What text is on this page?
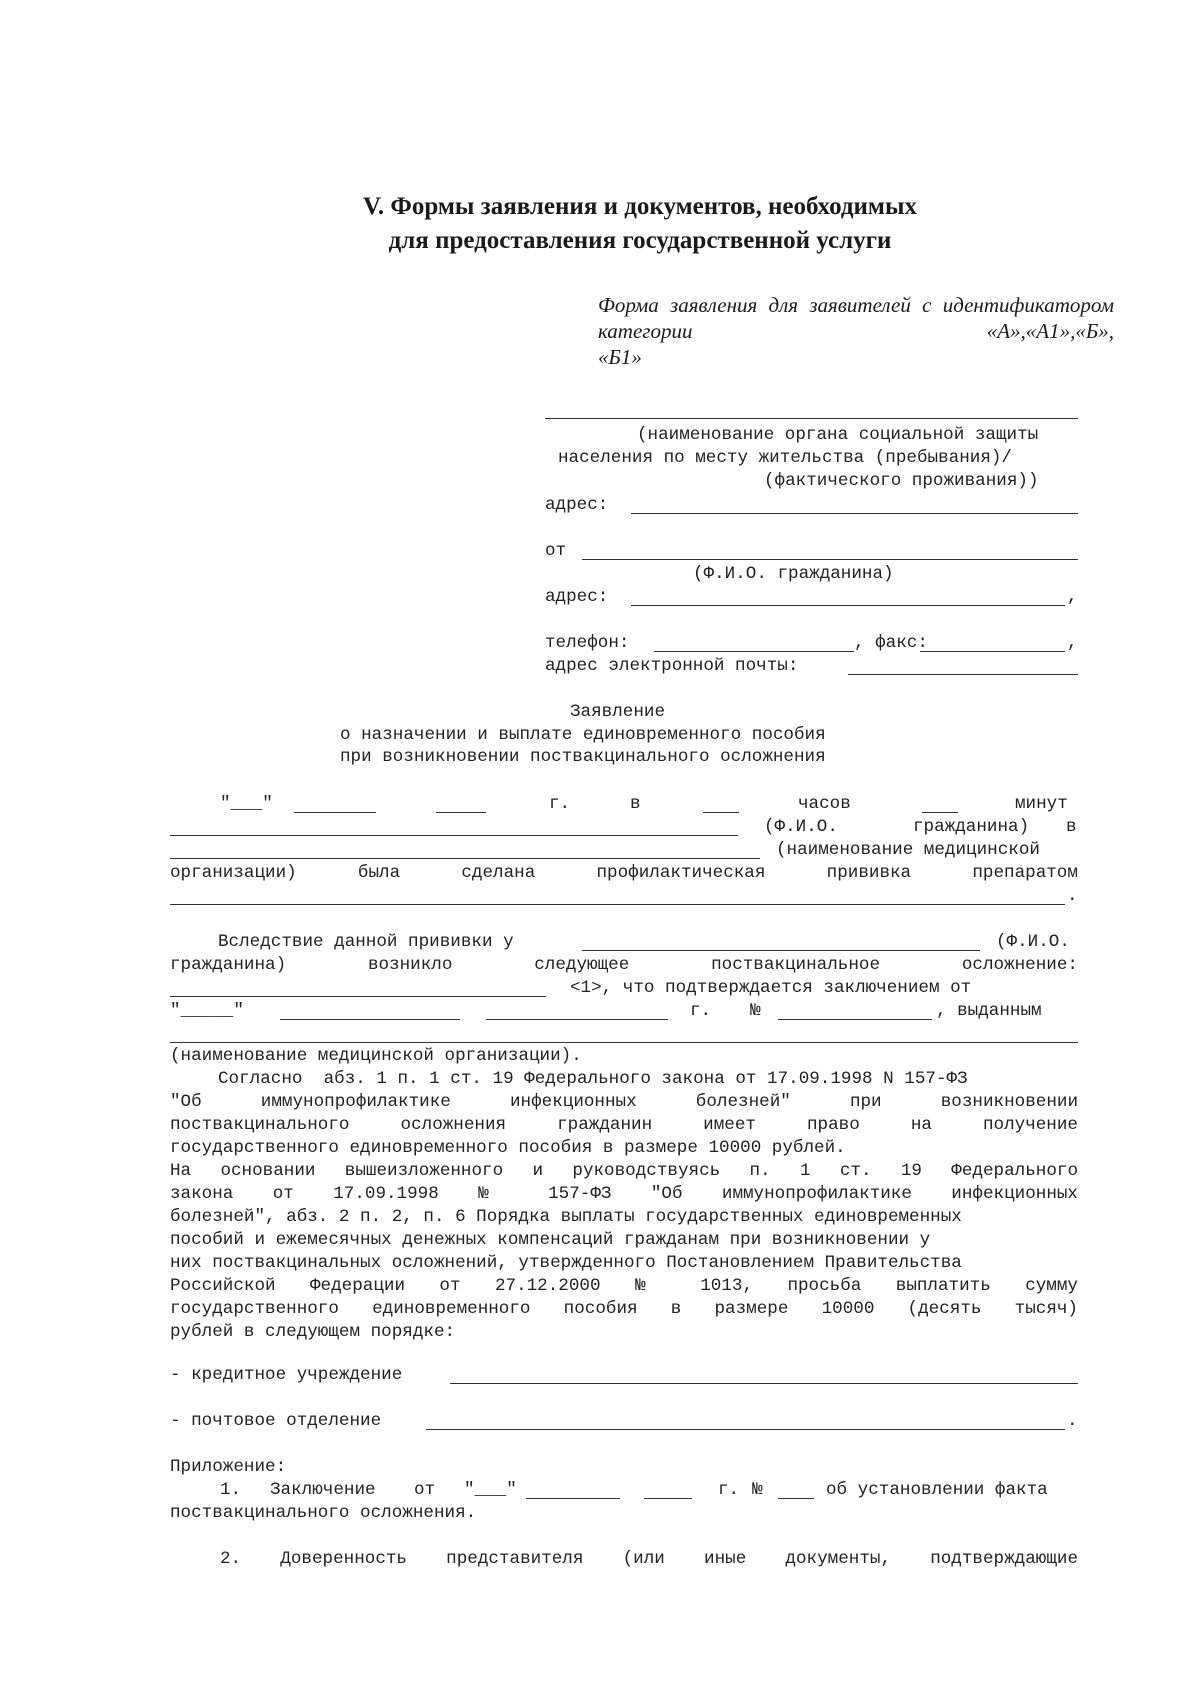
V. Формы заявления и документов, необходимых
для предоставления государственной услуги
Форма заявления для заявителей с идентификатором категории «А»,«А1»,«Б»,
«Б1»
(наименование органа социальной защиты
населения по месту жительства (пребывания)/
(фактического проживания))
адрес:
от
(Ф.И.О. гражданина)
адрес:	,
телефон:	, факс:	,
адрес электронной почты:
Заявление
о назначении и выплате единовременного пособия
при возникновении поствакцинального осложнения
"___"	г.	в	часов	минут
(Ф.И.О.	гражданина) в
(наименование медицинской
организации)	была	сделана	профилактическая	прививка	препаратом
.
Вследствие данной прививки у	(Ф.И.О.
гражданина)	возникло	следующее	поствакцинальное	осложнение:
<1>, что подтверждается заключением от
"_____"	г. №	, выданным
(наименование медицинской организации).
Согласно  абз. 1 п. 1 ст. 19 Федерального закона от 17.09.1998 N 157-ФЗ
"Об иммунопрофилактике инфекционных болезней" при возникновении
поствакцинального осложнения гражданин имеет право на получение
государственного единовременного пособия в размере 10000 рублей.
На основании вышеизложенного и руководствуясь п. 1 ст. 19 Федерального
закона от 17.09.1998 № 157-ФЗ "Об иммунопрофилактике инфекционных
болезней", абз. 2 п. 2, п. 6 Порядка выплаты государственных единовременных
пособий и ежемесячных денежных компенсаций гражданам при возникновении у
них поствакцинальных осложнений, утвержденного Постановлением Правительства
Российской Федерации от 27.12.2000 № 1013, просьба выплатить сумму
государственного единовременного пособия в размере 10000 (десять тысяч)
рублей в следующем порядке:
- кредитное учреждение
- почтовое отделение	.
Приложение:
1. Заключение от "___"	г. №	об установлении факта
поствакцинального осложнения.
2. Доверенность представителя (или иные документы, подтверждающие
